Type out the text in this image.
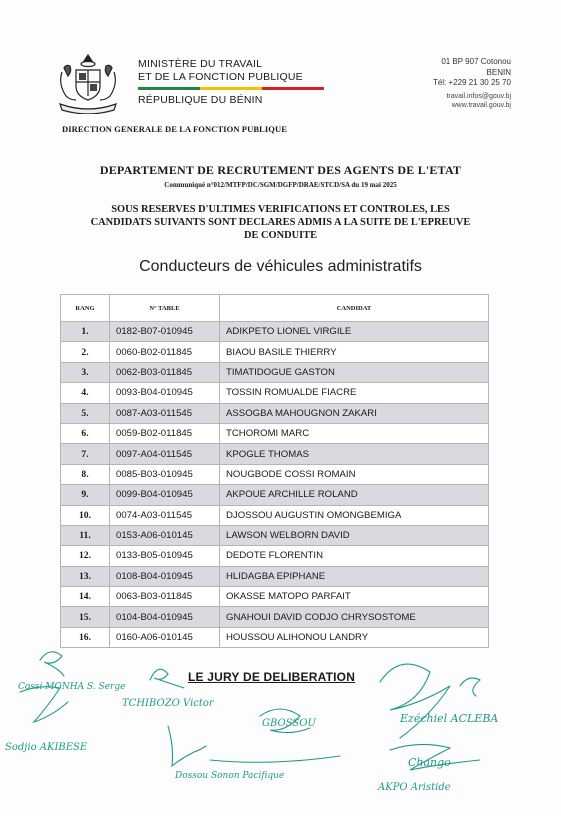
MINISTÈRE DU TRAVAIL
ET DE LA FONCTION PUBLIQUE
RÉPUBLIQUE DU BÉNIN
01 BP 907 Cotonou
BENIN
Tél: +229 21 30 25 70
travail.infos@gouv.bj
www.travail.gouv.bj
DIRECTION GENERALE DE LA FONCTION PUBLIQUE
DEPARTEMENT DE RECRUTEMENT DES AGENTS DE L'ETAT
Communiqué n°012/MTFP/DC/SGM/DGFP/DRAE/STCD/SA du 19 mai 2025
SOUS RESERVES D'ULTIMES VERIFICATIONS ET CONTROLES, LES
CANDIDATS SUIVANTS SONT DECLARES ADMIS A LA SUITE DE L'EPREUVE
DE CONDUITE
Conducteurs de véhicules administratifs
RANG	N° TABLE	CANDIDAT
1.	0182-B07-010945	ADIKPETO LIONEL VIRGILE
2.	0060-B02-011845	BIAOU BASILE THIERRY
3.	0062-B03-011845	TIMATIDOGUE GASTON
4.	0093-B04-010945	TOSSIN ROMUALDE FIACRE
5.	0087-A03-011545	ASSOGBA MAHOUGNON ZAKARI
6.	0059-B02-011845	TCHOROMI MARC
7.	0097-A04-011545	KPOGLE THOMAS
8.	0085-B03-010945	NOUGBODE COSSI ROMAIN
9.	0099-B04-010945	AKPOUE ARCHILLE ROLAND
10.	0074-A03-011545	DJOSSOU AUGUSTIN OMONGBEMIGA
11.	0153-A06-010145	LAWSON WELBORN DAVID
12.	0133-B05-010945	DEDOTE FLORENTIN
13.	0108-B04-010945	HLIDAGBA EPIPHANE
14.	0063-B03-011845	OKASSE MATOPO PARFAIT
15.	0104-B04-010945	GNAHOUI DAVID CODJO CHRYSOSTOME
16.	0160-A06-010145	HOUSSOU ALIHONOU LANDRY
LE JURY DE DELIBERATION
Cossi MONHA S. Serge
Sodjio AKIBESE
TCHIBOZO Victor
GBOSSOU	Ezéchiel ACLEBA
Dossou Sonon Pacifique
AKPO Aristide
Chango
